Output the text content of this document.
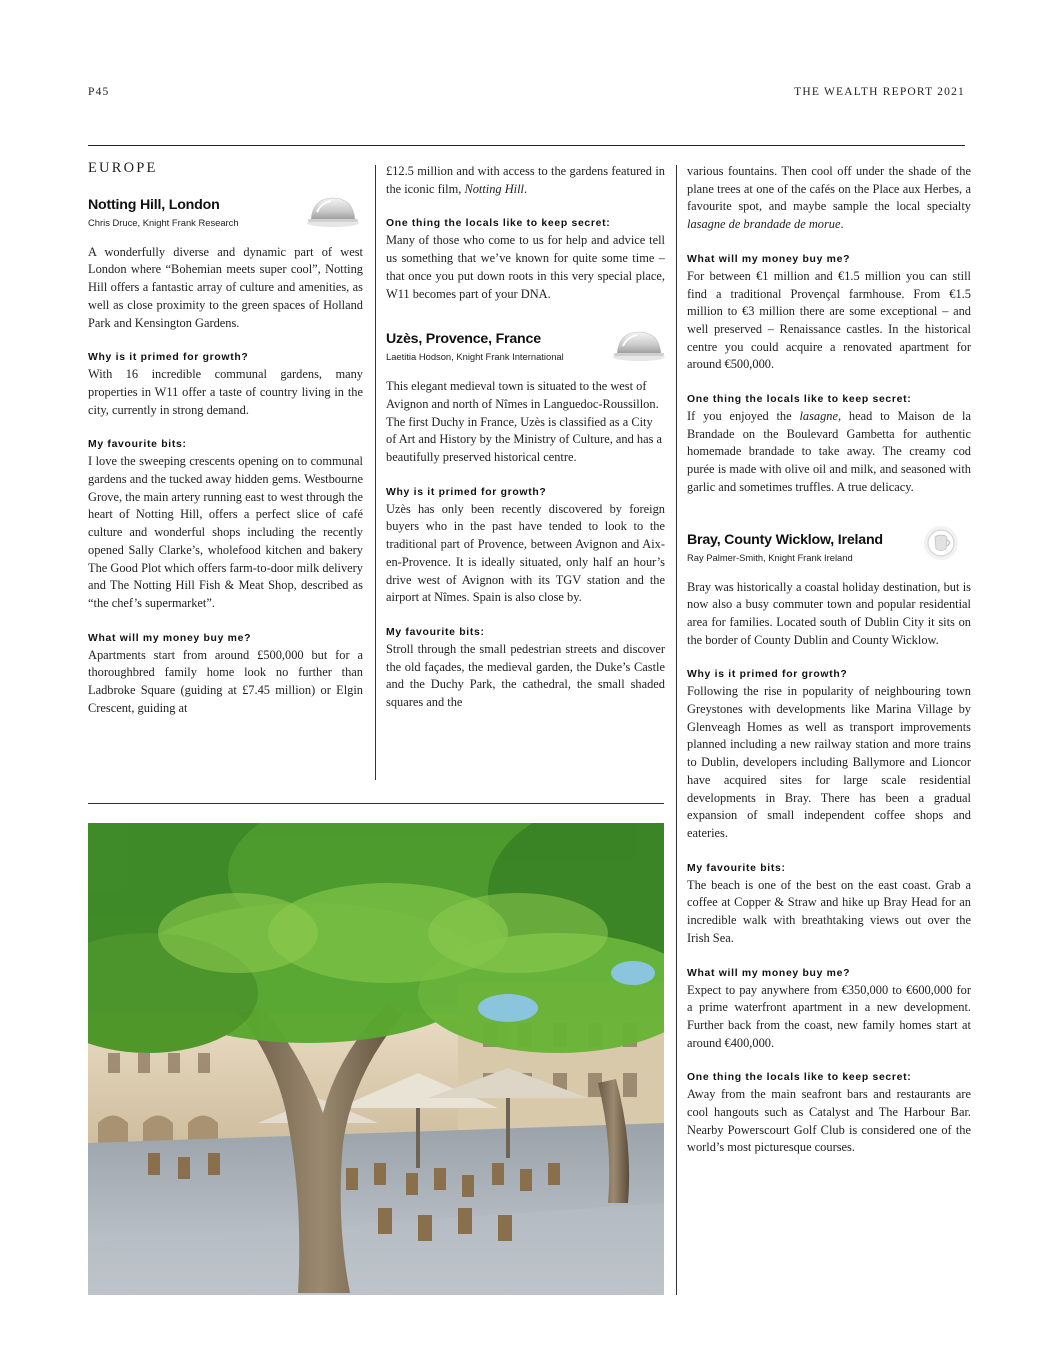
P45	THE WEALTH REPORT 2021
EUROPE
Notting Hill, London
Chris Druce, Knight Frank Research

A wonderfully diverse and dynamic part of west London where “Bohemian meets super cool”, Notting Hill offers a fantastic array of culture and amenities, as well as close proximity to the green spaces of Holland Park and Kensington Gardens.

Why is it primed for growth?

With 16 incredible communal gardens, many properties in W11 offer a taste of country living in the city, currently in strong demand.

My favourite bits:

I love the sweeping crescents opening on to communal gardens and the tucked away hidden gems. Westbourne Grove, the main artery running east to west through the heart of Notting Hill, offers a perfect slice of café culture and wonderful shops including the recently opened Sally Clarke’s, wholefood kitchen and bakery The Good Plot which offers farm-to-door milk delivery and The Notting Hill Fish & Meat Shop, described as “the chef’s supermarket”.

What will my money buy me?

Apartments start from around £500,000 but for a thoroughbred family home look no further than Ladbroke Square (guiding at £7.45 million) or Elgin Crescent, guiding at

£12.5 million and with access to the gardens featured in the iconic film, Notting Hill.

One thing the locals like to keep secret:

Many of those who come to us for help and advice tell us something that we’ve known for quite some time – that once you put down roots in this very special place, W11 becomes part of your DNA.

Uzès, Provence, France
Laetitia Hodson, Knight Frank International

This elegant medieval town is situated to the west of Avignon and north of Nîmes in Languedoc-Roussillon. The first Duchy in France, Uzès is classified as a City of Art and History by the Ministry of Culture, and has a beautifully preserved historical centre.

Why is it primed for growth?

Uzès has only been recently discovered by foreign buyers who in the past have tended to look to the traditional part of Provence, between Avignon and Aix-en-Provence. It is ideally situated, only half an hour’s drive west of Avignon with its TGV station and the airport at Nîmes. Spain is also close by.

My favourite bits:

Stroll through the small pedestrian streets and discover the old façades, the medieval garden, the Duke’s Castle and the Duchy Park, the cathedral, the small shaded squares and the

various fountains. Then cool off under the shade of the plane trees at one of the cafés on the Place aux Herbes, a favourite spot, and maybe sample the local specialty lasagne de brandade de morue.

What will my money buy me?

For between €1 million and €1.5 million you can still find a traditional Provençal farmhouse. From €1.5 million to €3 million there are some exceptional – and well preserved – Renaissance castles. In the historical centre you could acquire a renovated apartment for around €500,000.

One thing the locals like to keep secret:

If you enjoyed the lasagne, head to Maison de la Brandade on the Boulevard Gambetta for authentic homemade brandade to take away. The creamy cod purée is made with olive oil and milk, and seasoned with garlic and sometimes truffles. A true delicacy.

Bray, County Wicklow, Ireland
Ray Palmer-Smith, Knight Frank Ireland

Bray was historically a coastal holiday destination, but is now also a busy commuter town and popular residential area for families. Located south of Dublin City it sits on the border of County Dublin and County Wicklow.

Why is it primed for growth?

Following the rise in popularity of neighbouring town Greystones with developments like Marina Village by Glenveagh Homes as well as transport improvements planned including a new railway station and more trains to Dublin, developers including Ballymore and Lioncor have acquired sites for large scale residential developments in Bray. There has been a gradual expansion of small independent coffee shops and eateries.

My favourite bits:

The beach is one of the best on the east coast. Grab a coffee at Copper & Straw and hike up Bray Head for an incredible walk with breathtaking views out over the Irish Sea.

What will my money buy me?

Expect to pay anywhere from €350,000 to €600,000 for a prime waterfront apartment in a new development. Further back from the coast, new family homes start at around €400,000.

One thing the locals like to keep secret:

Away from the main seafront bars and restaurants are cool hangouts such as Catalyst and The Harbour Bar. Nearby Powerscourt Golf Club is considered one of the world’s most picturesque courses.
